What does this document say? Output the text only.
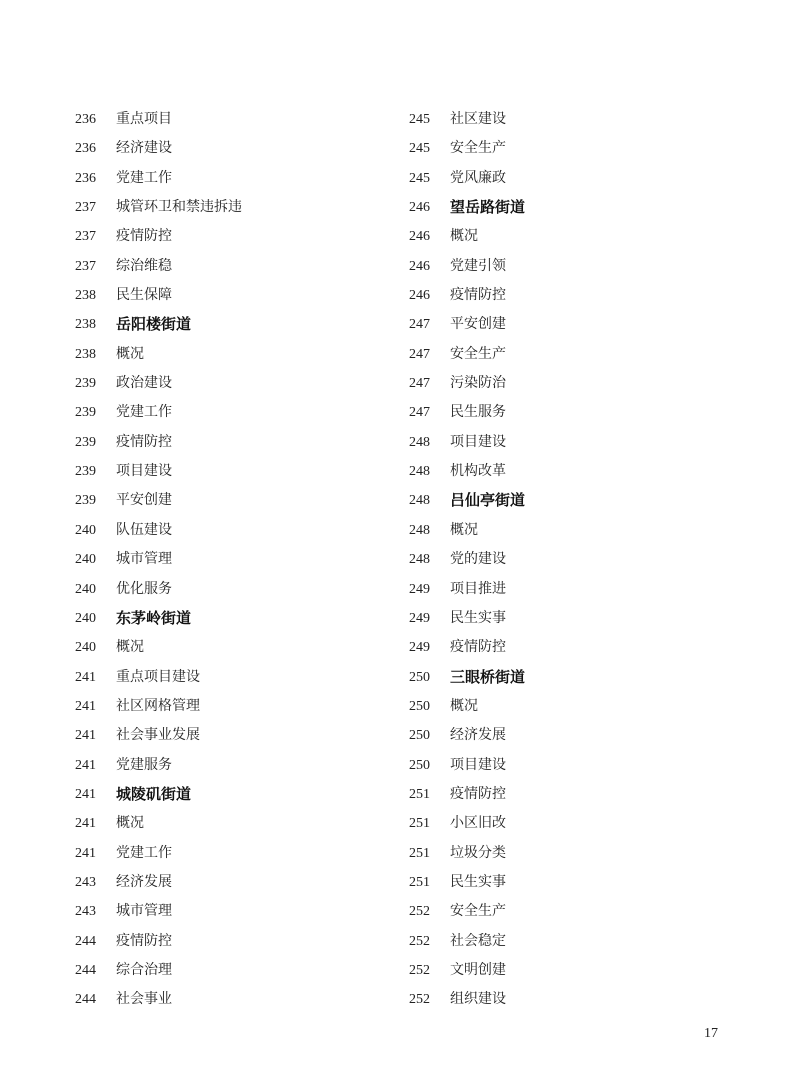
236 重点项目
236 经济建设
236 党建工作
237 城管环卫和禁违拆违
237 疫情防控
237 综治维稳
238 民生保障
238 岳阳楼街道
238 概况
239 政治建设
239 党建工作
239 疫情防控
239 项目建设
239 平安创建
240 队伍建设
240 城市管理
240 优化服务
240 东茅岭街道
240 概况
241 重点项目建设
241 社区网格管理
241 社会事业发展
241 党建服务
241 城陵矶街道
241 概况
241 党建工作
243 经济发展
243 城市管理
244 疫情防控
244 综合治理
244 社会事业
245 社区建设
245 安全生产
245 党风廉政
246 望岳路街道
246 概况
246 党建引领
246 疫情防控
247 平安创建
247 安全生产
247 污染防治
247 民生服务
248 项目建设
248 机构改革
248 吕仙亭街道
248 概况
248 党的建设
249 项目推进
249 民生实事
249 疫情防控
250 三眼桥街道
250 概况
250 经济发展
250 项目建设
251 疫情防控
251 小区旧改
251 垃圾分类
251 民生实事
252 安全生产
252 社会稳定
252 文明创建
252 组织建设
17
